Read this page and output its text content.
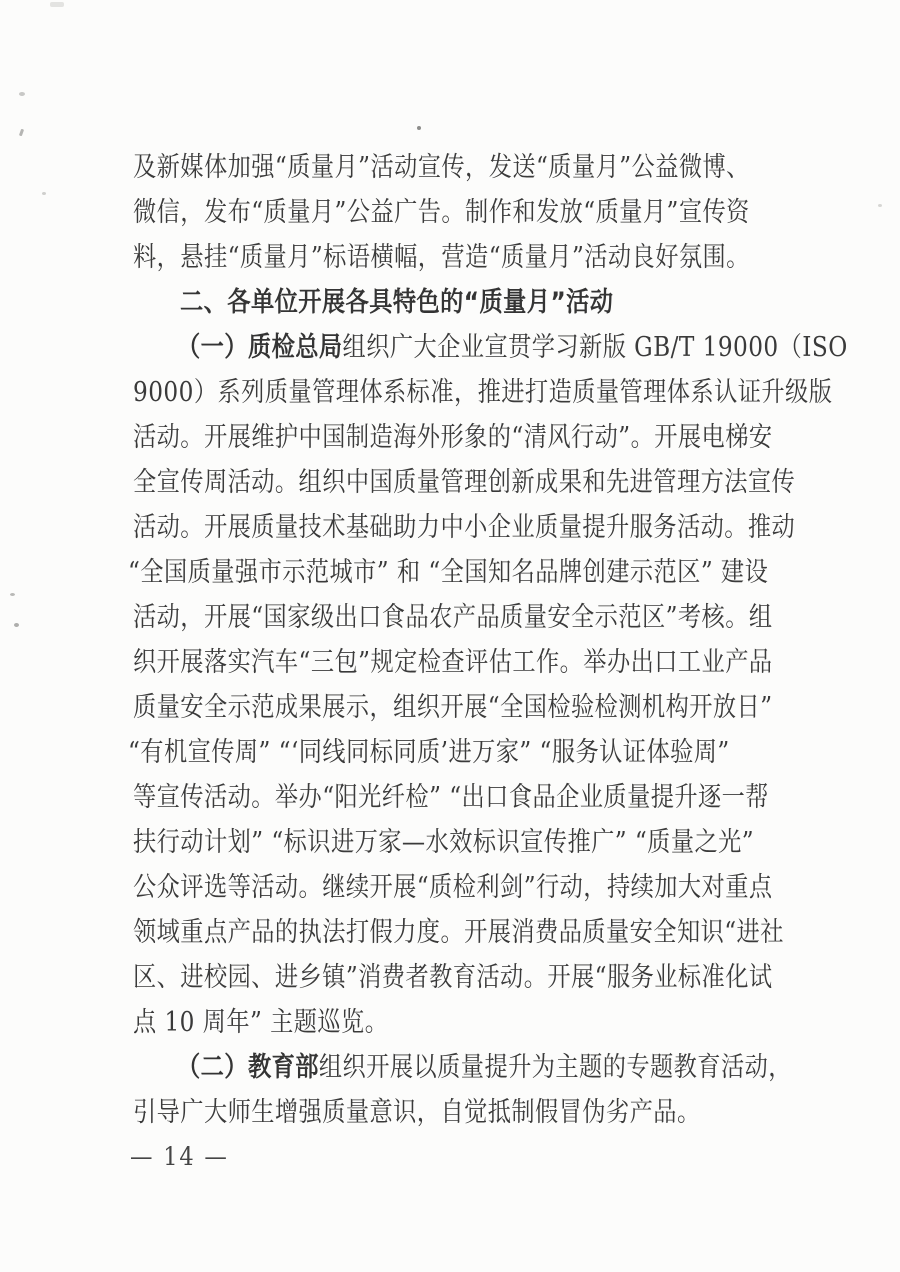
及新媒体加强“质量月”活动宣传，发送“质量月”公益微博、
微信，发布“质量月”公益广告。制作和发放“质量月”宣传资
料，悬挂“质量月”标语横幅，营造“质量月”活动良好氛围。
二、各单位开展各具特色的“质量月”活动
（一）质检总局组织广大企业宣贯学习新版 GB/T 19000（ISO
9000）系列质量管理体系标准，推进打造质量管理体系认证升级版
活动。开展维护中国制造海外形象的“清风行动”。开展电梯安
全宣传周活动。组织中国质量管理创新成果和先进管理方法宣传
活动。开展质量技术基础助力中小企业质量提升服务活动。推动
“全国质量强市示范城市” 和 “全国知名品牌创建示范区” 建设
活动，开展“国家级出口食品农产品质量安全示范区”考核。组
织开展落实汽车“三包”规定检查评估工作。举办出口工业产品
质量安全示范成果展示，组织开展“全国检验检测机构开放日”
“有机宣传周” “‘同线同标同质’进万家” “服务认证体验周”
等宣传活动。举办“阳光纤检” “出口食品企业质量提升逐一帮
扶行动计划” “标识进万家—水效标识宣传推广” “质量之光”
公众评选等活动。继续开展“质检利剑”行动，持续加大对重点
领域重点产品的执法打假力度。开展消费品质量安全知识“进社
区、进校园、进乡镇”消费者教育活动。开展“服务业标准化试
点 10 周年” 主题巡览。
（二）教育部组织开展以质量提升为主题的专题教育活动，
引导广大师生增强质量意识，自觉抵制假冒伪劣产品。
— 14 —
